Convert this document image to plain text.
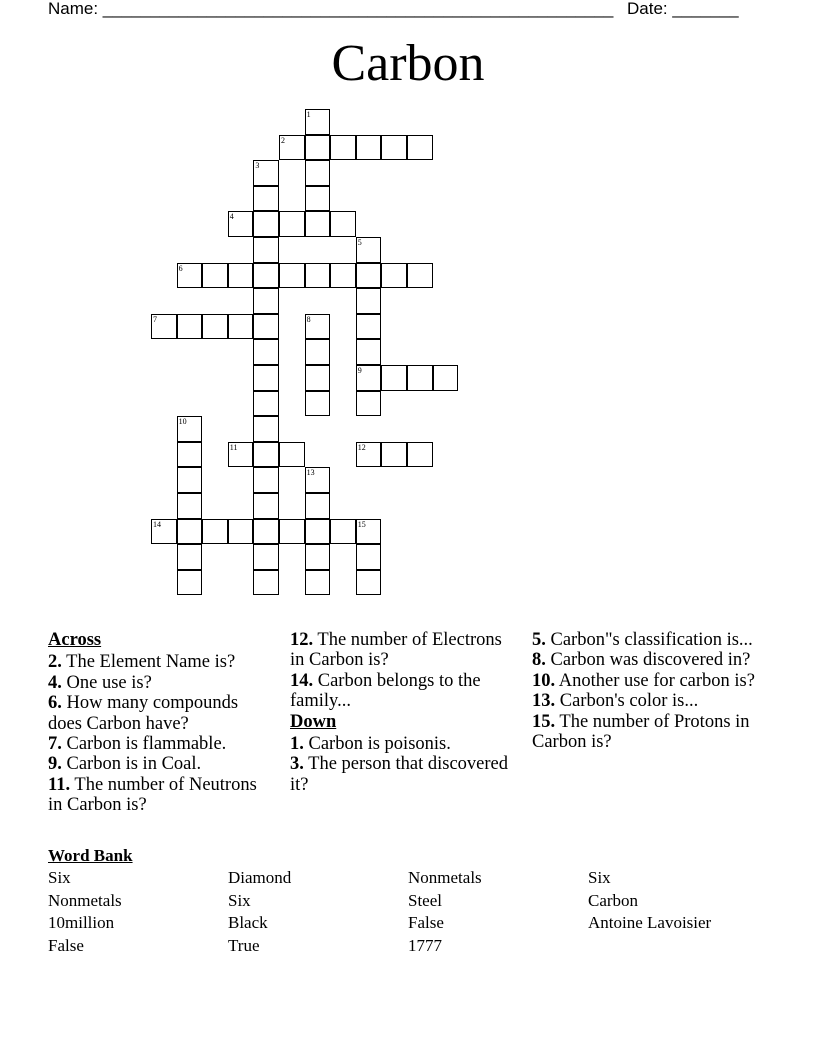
Name: ______________________________________________________ Date: _______
Carbon
1
2
3
4
5
9
6
7	8
10
11	12
13
14	15
Across

2. The Element Name is?

4. One use is?

6. How many compounds does Carbon have?

7. Carbon is flammable.

9. Carbon is in Coal.

11. The number of Neutrons in Carbon is?

12. The number of Electrons in Carbon is?

14. Carbon belongs to the family...

Down

1. Carbon is poisonis.

3. The person that discovered it?

5. Carbon"s classification is...

8. Carbon was discovered in?

10. Another use for carbon is?

13. Carbon's color is...

15. The number of Protons in Carbon is?

Word Bank
Six	Diamond	Nonmetals	Six
Nonmetals	Six	Steel	Carbon
10million	Black	False	Antoine Lavoisier
False	True	1777
